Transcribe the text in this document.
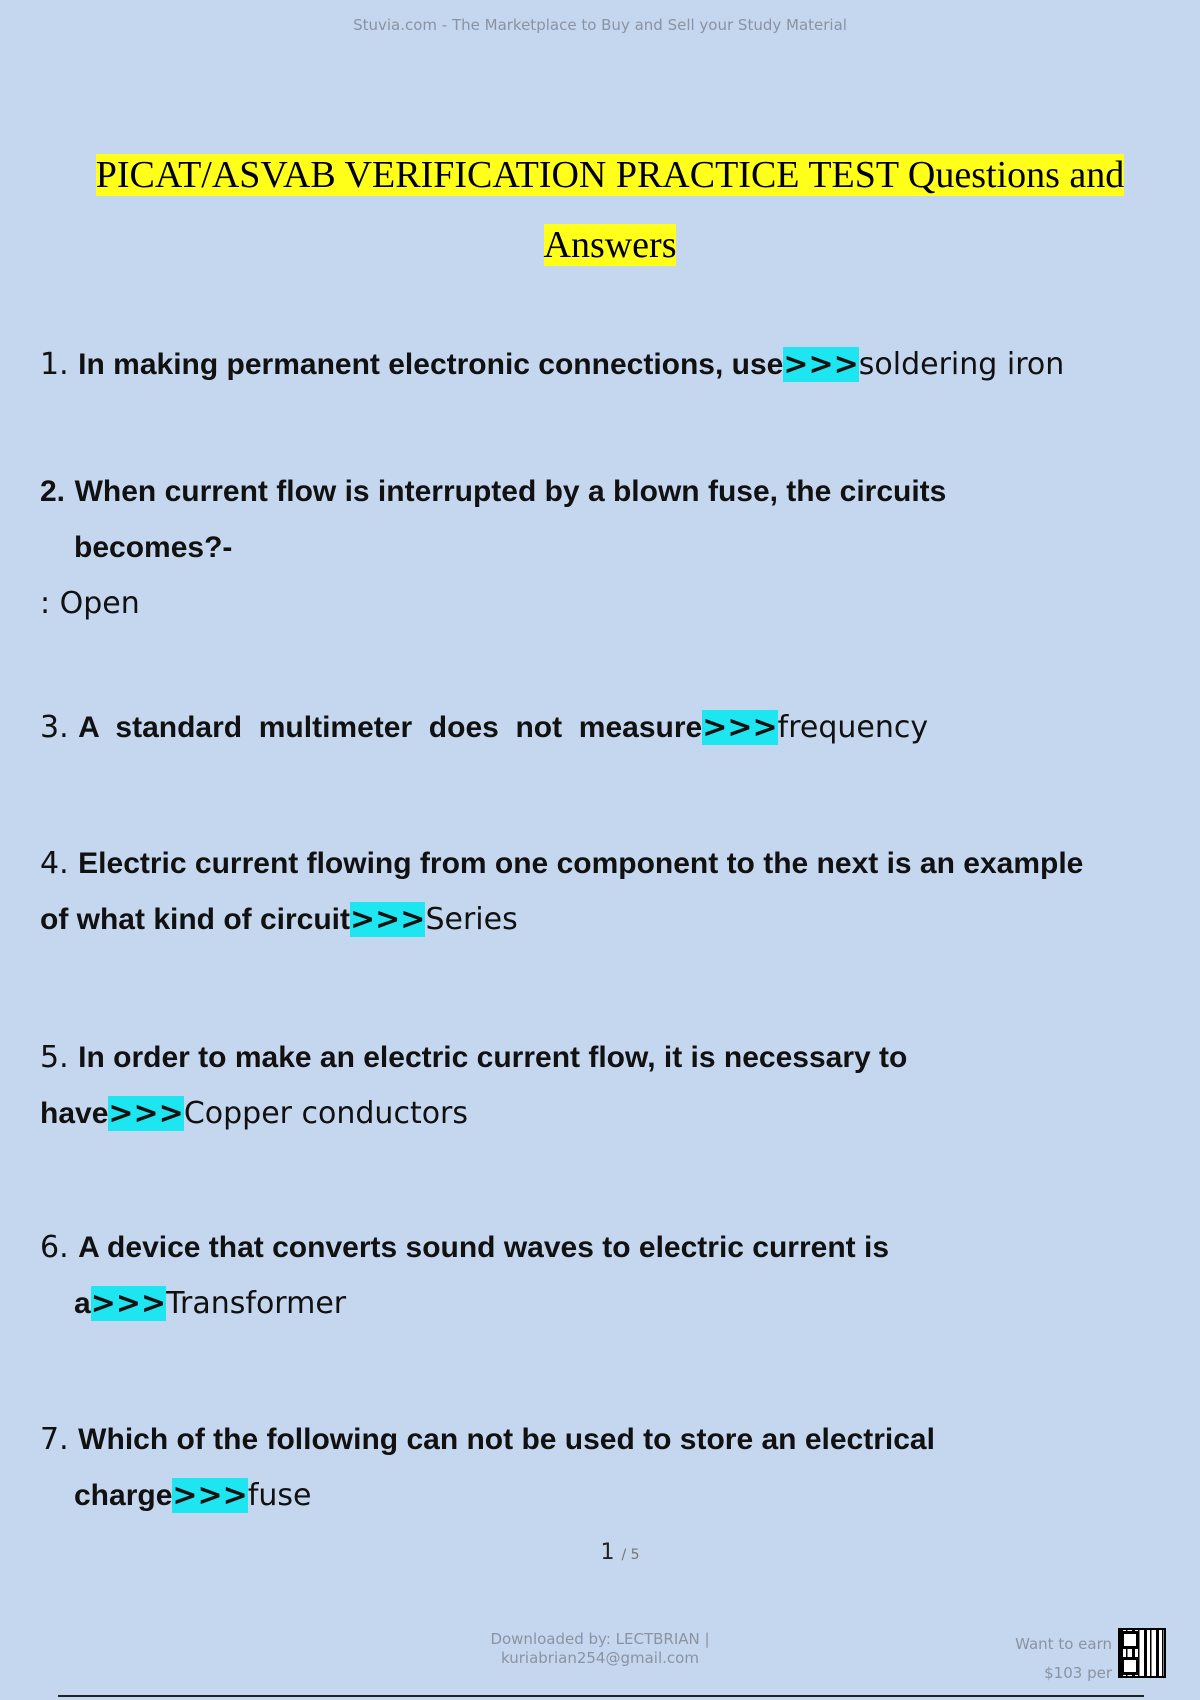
Stuvia.com - The Marketplace to Buy and Sell your Study Material
PICAT/ASVAB VERIFICATION PRACTICE TEST Questions and
Answers
1. In making permanent electronic connections, use>>>soldering iron
2. When current flow is interrupted by a blown fuse, the circuits
becomes?-
: Open
3. A  standard  multimeter  does  not  measure>>>frequency
4. Electric current flowing from one component to the next is an example
of what kind of circuit>>>Series
5. In order to make an electric current flow, it is necessary to
have>>>Copper conductors
6. A device that converts sound waves to electric current is
a>>>Transformer
7. Which of the following can not be used to store an electrical
charge>>>fuse
1 / 5
Downloaded by: LECTBRIAN |
kuriabrian254@gmail.com
Want to earn
$103 per
